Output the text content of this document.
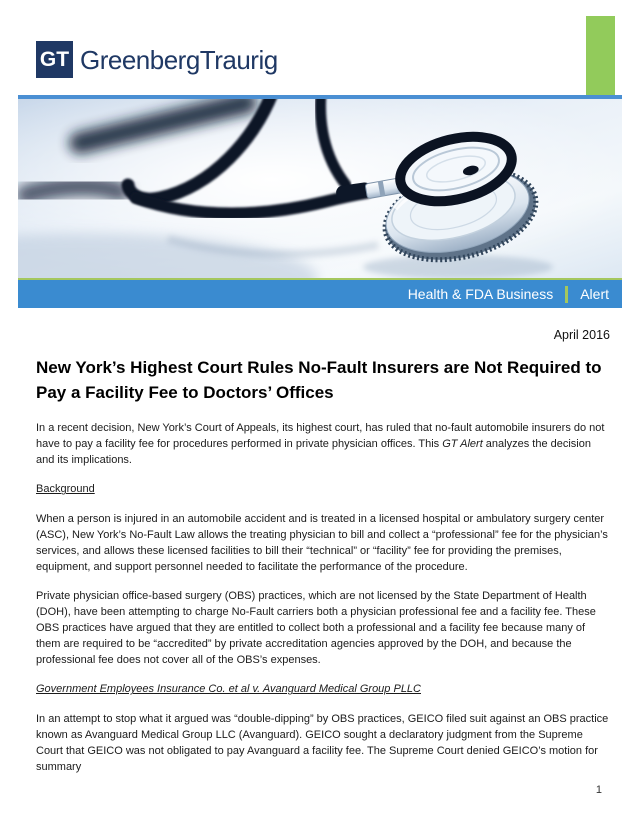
GT GreenbergTraurig
Health & FDA Business Alert
April 2016
New York’s Highest Court Rules No-Fault Insurers are Not Required to Pay a Facility Fee to Doctors’ Offices

In a recent decision, New York’s Court of Appeals, its highest court, has ruled that no-fault automobile insurers do not have to pay a facility fee for procedures performed in private physician offices. This GT Alert analyzes the decision and its implications.

Background

When a person is injured in an automobile accident and is treated in a licensed hospital or ambulatory surgery center (ASC), New York’s No-Fault Law allows the treating physician to bill and collect a “professional” fee for the physician’s services, and allows these licensed facilities to bill their “technical” or “facility” fee for providing the premises, equipment, and support personnel needed to facilitate the performance of the procedure.

Private physician office-based surgery (OBS) practices, which are not licensed by the State Department of Health (DOH), have been attempting to charge No-Fault carriers both a physician professional fee and a facility fee. These OBS practices have argued that they are entitled to collect both a professional and a facility fee because many of them are required to be “accredited” by private accreditation agencies approved by the DOH, and because the professional fee does not cover all of the OBS’s expenses.

Government Employees Insurance Co. et al v. Avanguard Medical Group PLLC

In an attempt to stop what it argued was “double-dipping” by OBS practices, GEICO filed suit against an OBS practice known as Avanguard Medical Group LLC (Avanguard). GEICO sought a declaratory judgment from the Supreme Court that GEICO was not obligated to pay Avanguard a facility fee. The Supreme Court denied GEICO’s motion for summary

1
